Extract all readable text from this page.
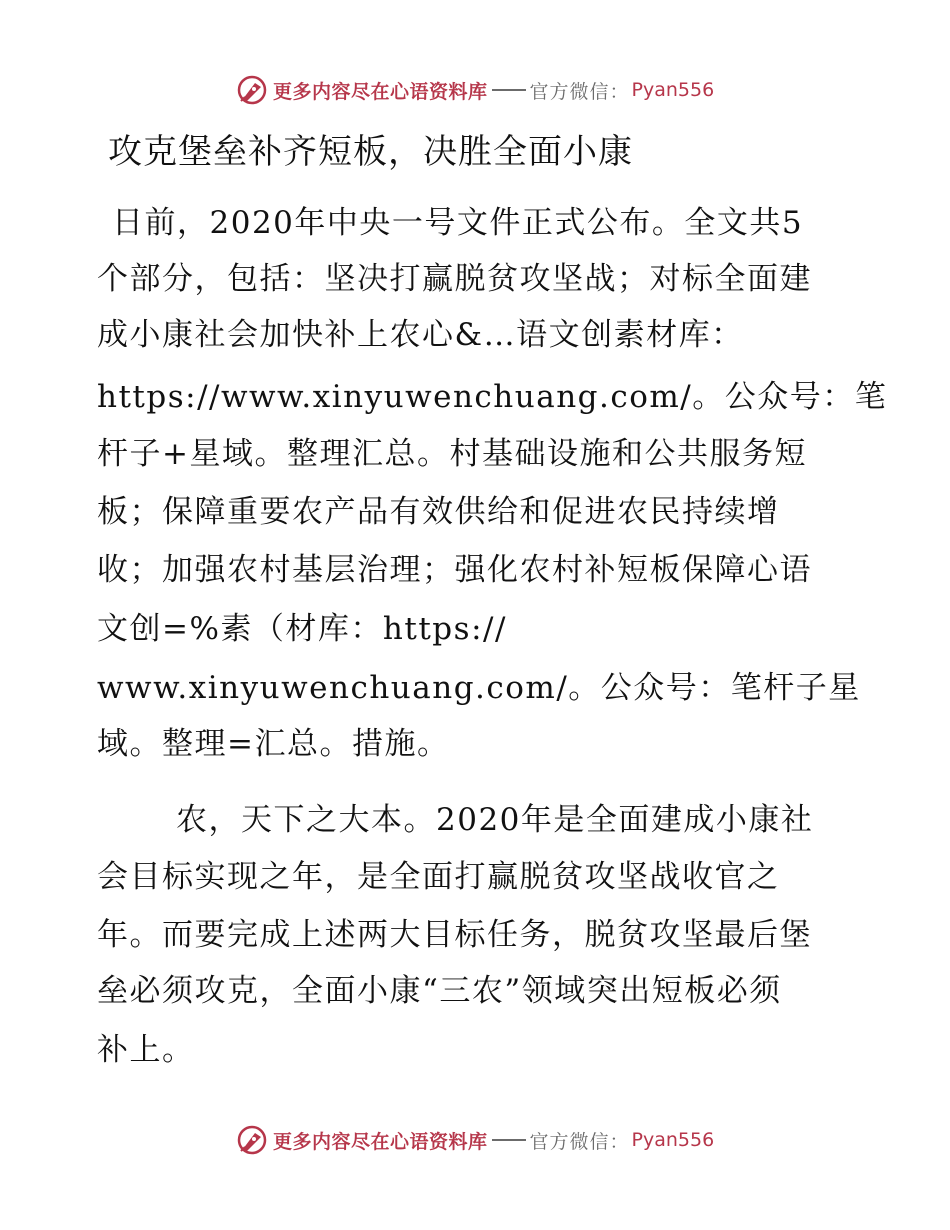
更多内容尽在心语资料库 官方微信： Pyan556
攻克堡垒补齐短板，决胜全面小康
日前，2020年中央一号文件正式公布。全文共5
个部分，包括：坚决打赢脱贫攻坚战；对标全面建
成小康社会加快补上农心&…语文创素材库：
https://www.xinyuwenchuang.com/。公众号：笔
杆子+星域。整理汇总。村基础设施和公共服务短
板；保障重要农产品有效供给和促进农民持续增
收；加强农村基层治理；强化农村补短板保障心语
文创=%素（材库：https://
www.xinyuwenchuang.com/。公众号：笔杆子星
域。整理=汇总。措施。
农，天下之大本。2020年是全面建成小康社
会目标实现之年，是全面打赢脱贫攻坚战收官之
年。而要完成上述两大目标任务，脱贫攻坚最后堡
垒必须攻克，全面小康“三农”领域突出短板必须
补上。
更多内容尽在心语资料库 官方微信： Pyan556
